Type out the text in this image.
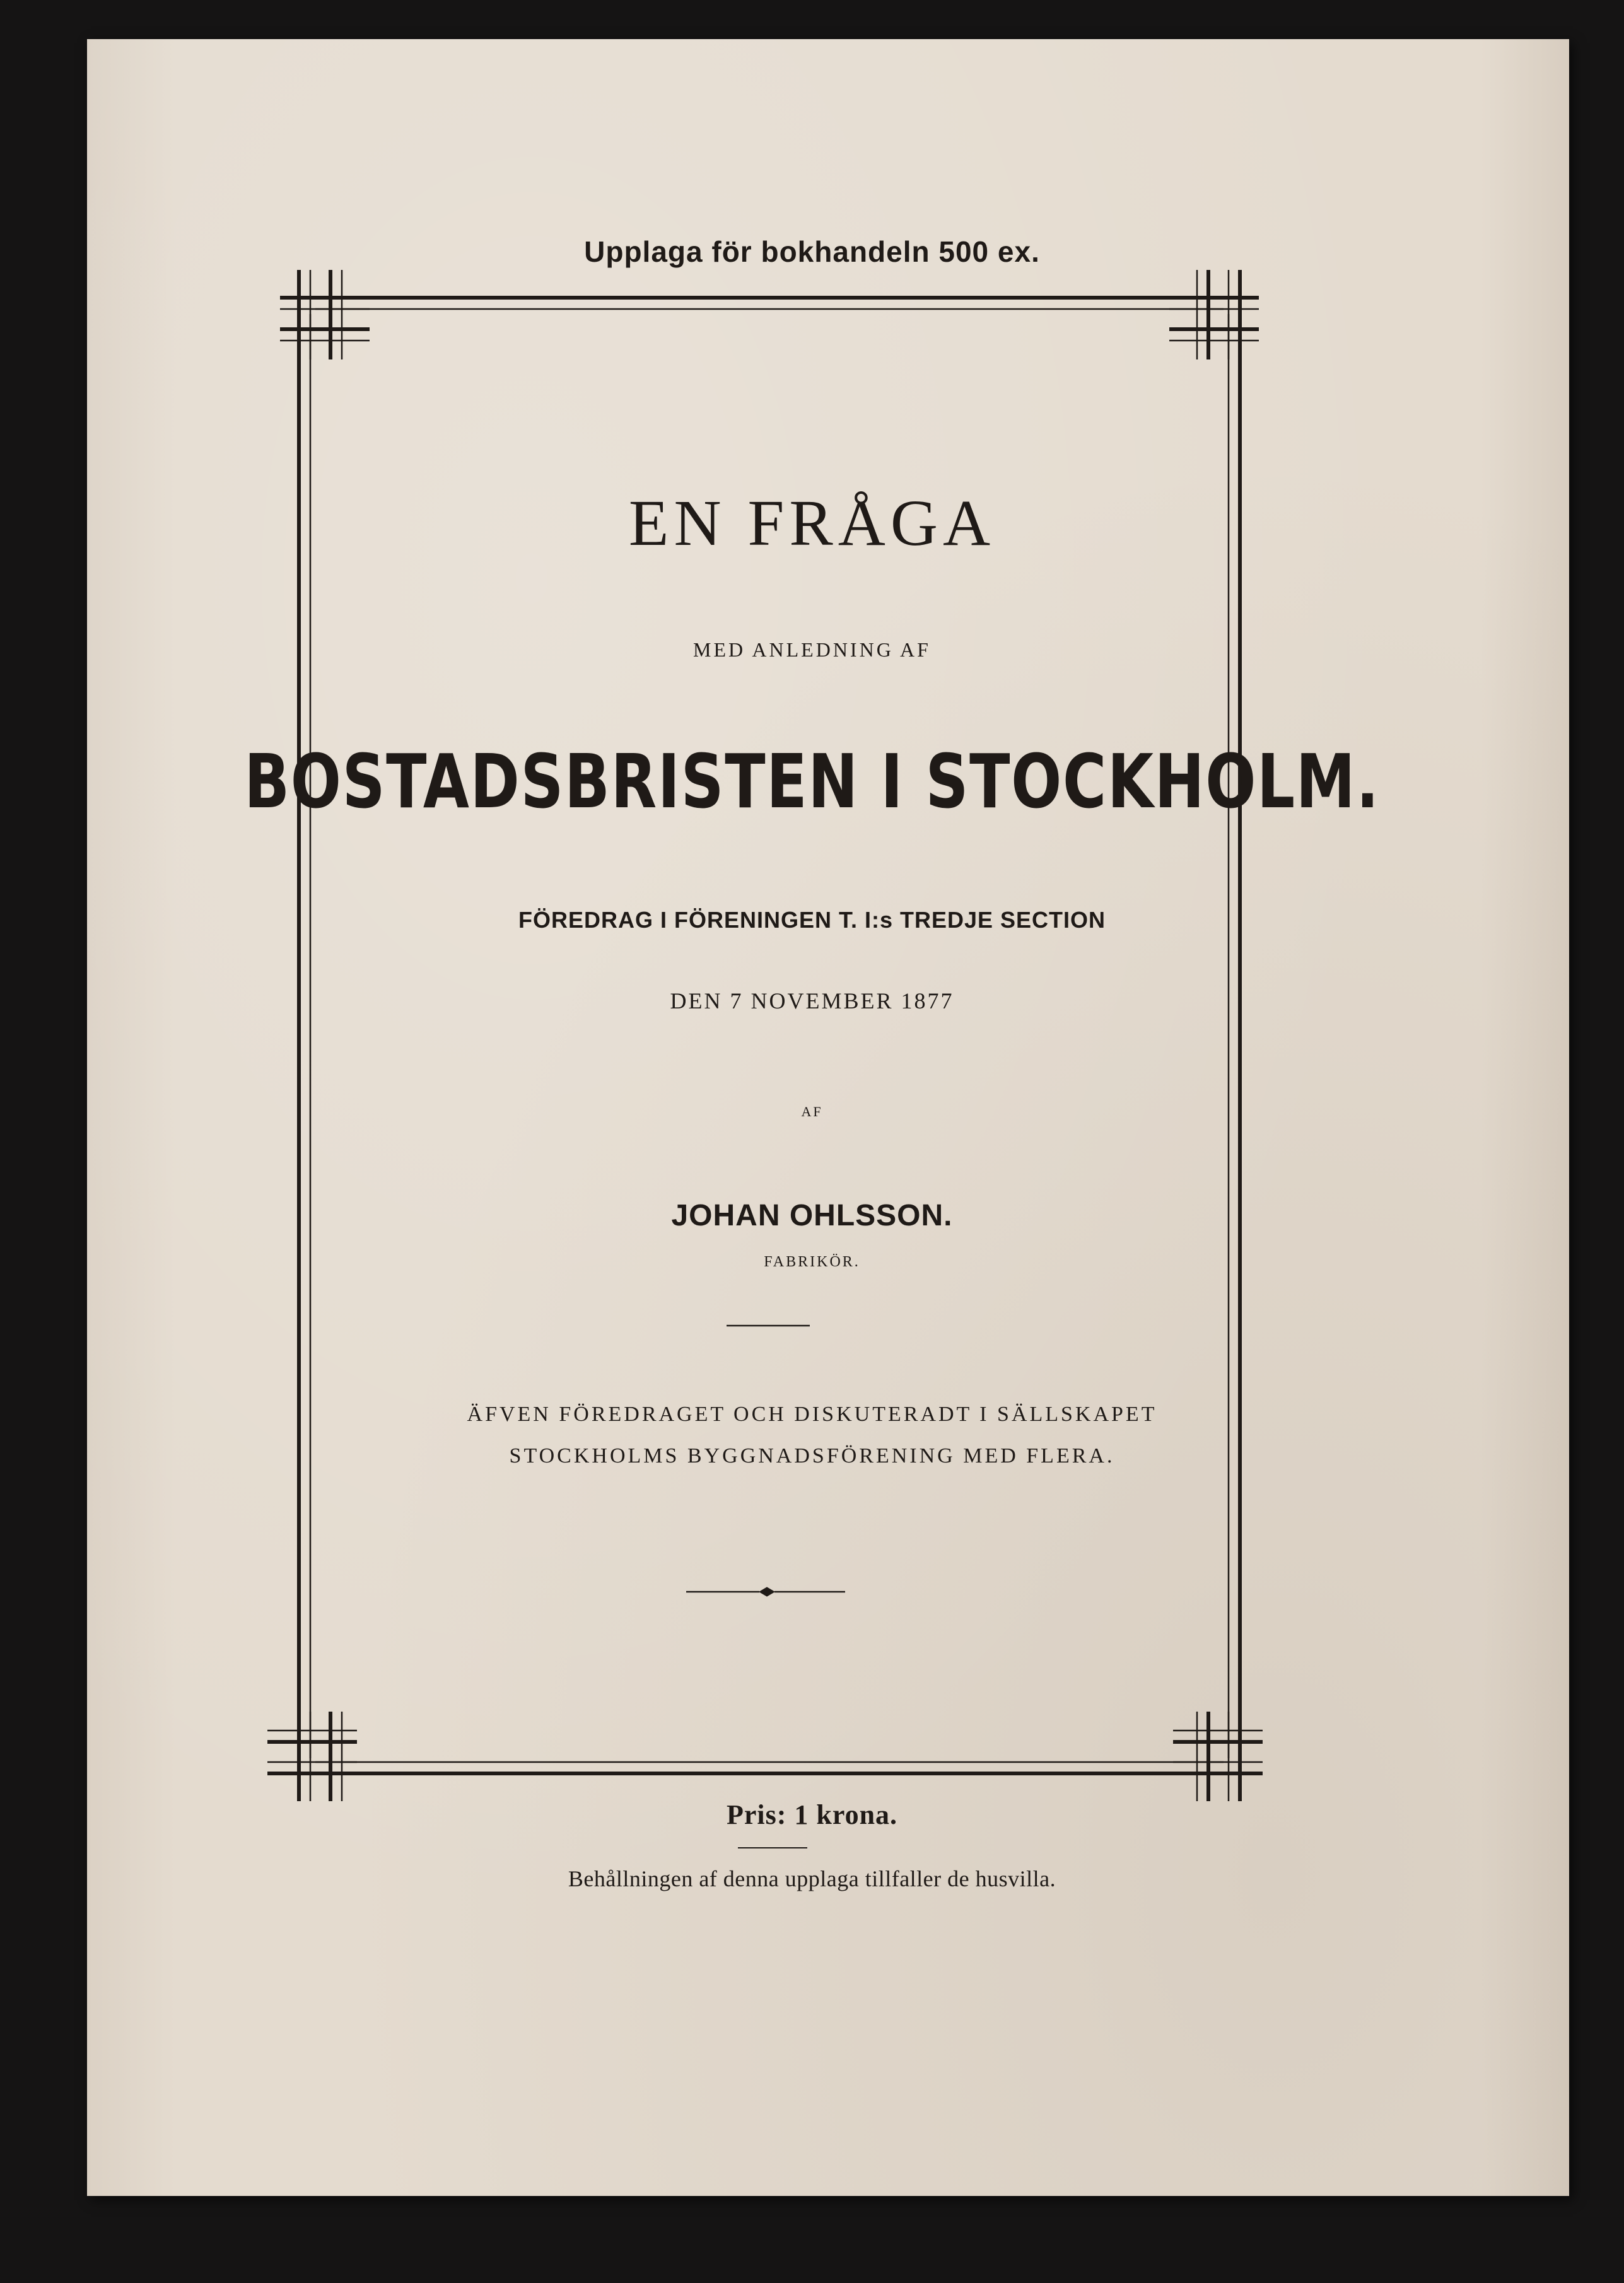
Upplaga för bokhandeln 500 ex.

EN FRÅGA

MED ANLEDNING AF

BOSTADSBRISTEN I STOCKHOLM.

FÖREDRAG I FÖRENINGEN T. I:s TREDJE SECTION

DEN 7 NOVEMBER 1877

AF

JOHAN OHLSSON.

FABRIKÖR.

ÄFVEN FÖREDRAGET OCH DISKUTERADT I SÄLLSKAPET

STOCKHOLMS BYGGNADSFÖRENING MED FLERA.

Pris: 1 krona.

Behållningen af denna upplaga tillfaller de husvilla.
